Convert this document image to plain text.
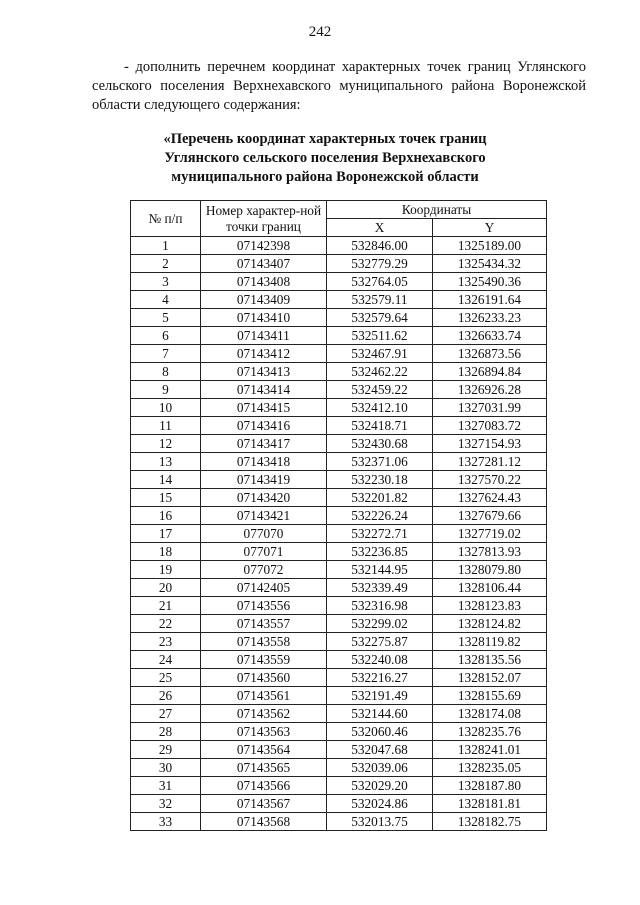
242
- дополнить перечнем координат характерных точек границ Углянского сельского поселения Верхнехавского муниципального района Воронежской области следующего содержания:
«Перечень координат характерных точек границ
Углянского сельского поселения Верхнехавского
муниципального района Воронежской области
№ п/п	Номер характер-ной точки границ	Координаты	
		X	Y
1	07142398	532846.00	1325189.00
2	07143407	532779.29	1325434.32
3	07143408	532764.05	1325490.36
4	07143409	532579.11	1326191.64
5	07143410	532579.64	1326233.23
6	07143411	532511.62	1326633.74
7	07143412	532467.91	1326873.56
8	07143413	532462.22	1326894.84
9	07143414	532459.22	1326926.28
10	07143415	532412.10	1327031.99
11	07143416	532418.71	1327083.72
12	07143417	532430.68	1327154.93
13	07143418	532371.06	1327281.12
14	07143419	532230.18	1327570.22
15	07143420	532201.82	1327624.43
16	07143421	532226.24	1327679.66
17	077070	532272.71	1327719.02
18	077071	532236.85	1327813.93
19	077072	532144.95	1328079.80
20	07142405	532339.49	1328106.44
21	07143556	532316.98	1328123.83
22	07143557	532299.02	1328124.82
23	07143558	532275.87	1328119.82
24	07143559	532240.08	1328135.56
25	07143560	532216.27	1328152.07
26	07143561	532191.49	1328155.69
27	07143562	532144.60	1328174.08
28	07143563	532060.46	1328235.76
29	07143564	532047.68	1328241.01
30	07143565	532039.06	1328235.05
31	07143566	532029.20	1328187.80
32	07143567	532024.86	1328181.81
33	07143568	532013.75	1328182.75
